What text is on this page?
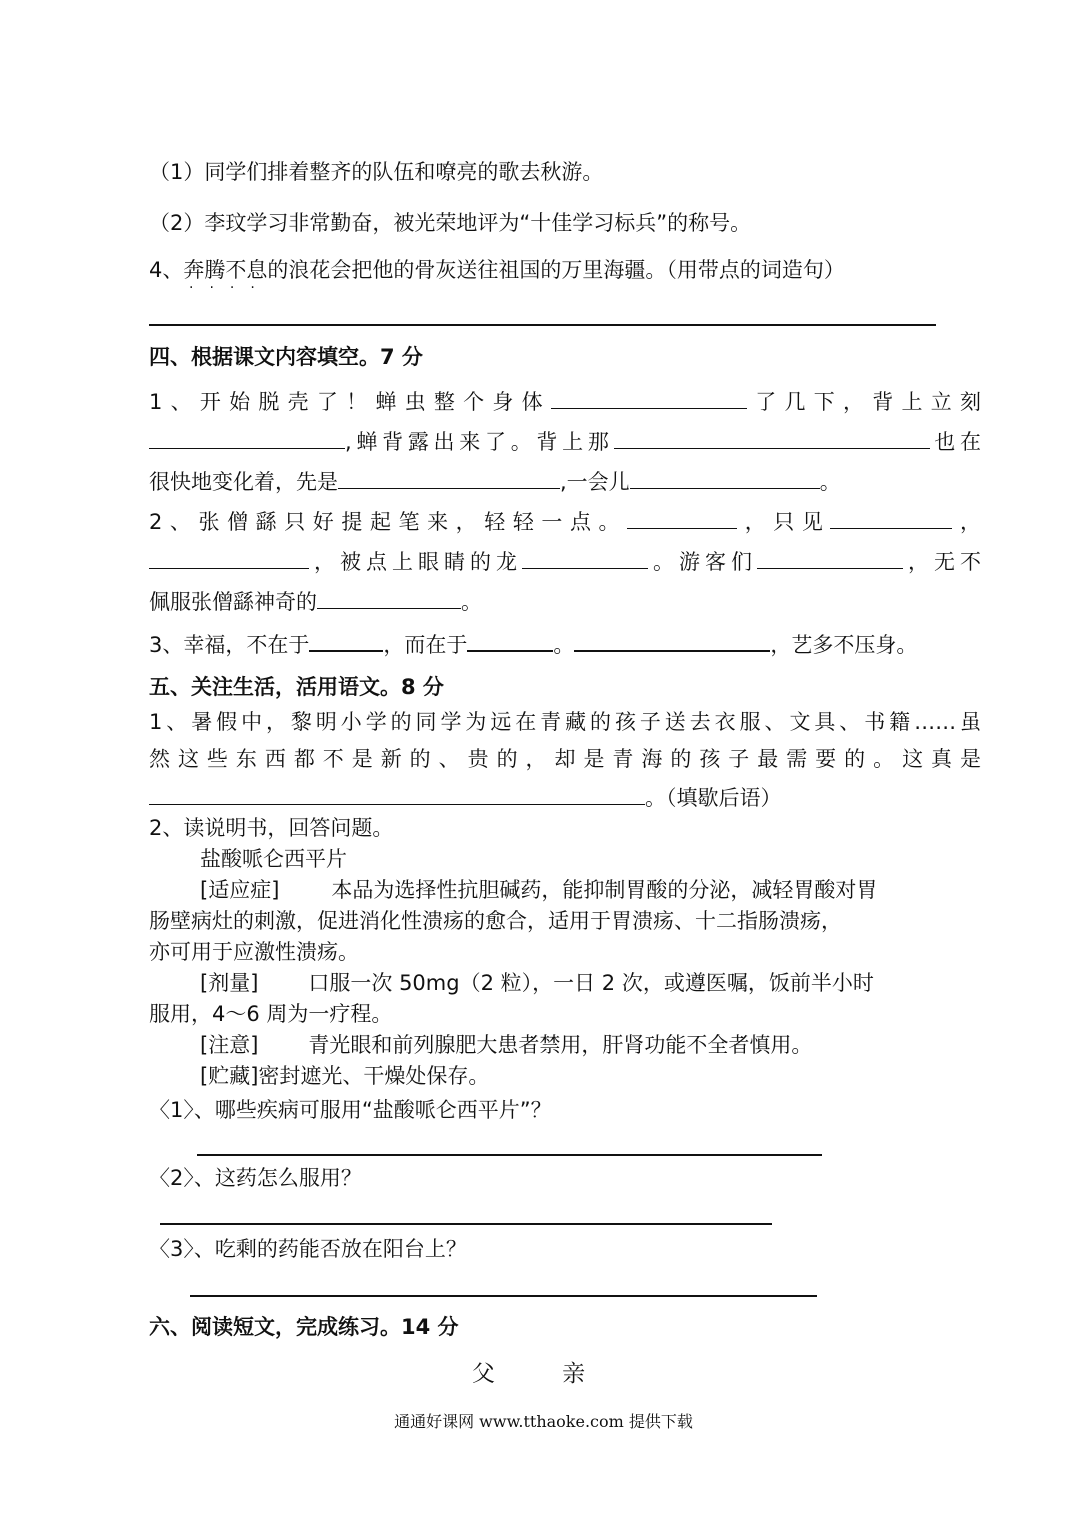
（1）同学们排着整齐的队伍和嘹亮的歌去秋游。
（2）李玟学习非常勤奋，被光荣地评为“十佳学习标兵”的称号。
4、奔腾不息的浪花会把他的骨灰送往祖国的万里海疆。（用带点的词造句）
····
四、根据课文内容填空。7 分
1、开始脱壳了！蝉虫整个身体	了几下，背上立刻
,蝉背露出来了。背上那	也在
很快地变化着，先是	,一会儿	。
2、张僧繇只好提起笔来，轻轻一点。	，只见	，
，被点上眼睛的龙	。游客们	，无不
佩服张僧繇神奇的	。
3、幸福，不在于	，而在于	。	，艺多不压身。
五、关注生活，活用语文。8 分
1、暑假中，黎明小学的同学为远在青藏的孩子送去衣服、文具、书籍……虽
然这些东西都不是新的、贵的，却是青海的孩子最需要的。这真是
。（填歇后语）
2、读说明书，回答问题。
盐酸哌仑西平片
[适应症] 本品为选择性抗胆碱药，能抑制胃酸的分泌，减轻胃酸对胃
肠壁病灶的刺激，促进消化性溃疡的愈合，适用于胃溃疡、十二指肠溃疡，
亦可用于应激性溃疡。
[剂量] 口服一次 50mg（2 粒），一日 2 次，或遵医嘱，饭前半小时
服用，4～6 周为一疗程。
[注意] 青光眼和前列腺肥大患者禁用，肝肾功能不全者慎用。
[贮藏]密封遮光、干燥处保存。
〈1〉、哪些疾病可服用“盐酸哌仑西平片”？
〈2〉、这药怎么服用？
〈3〉、吃剩的药能否放在阳台上？
六、阅读短文，完成练习。14 分
父 亲
通通好课网 www.tthaoke.com 提供下载
